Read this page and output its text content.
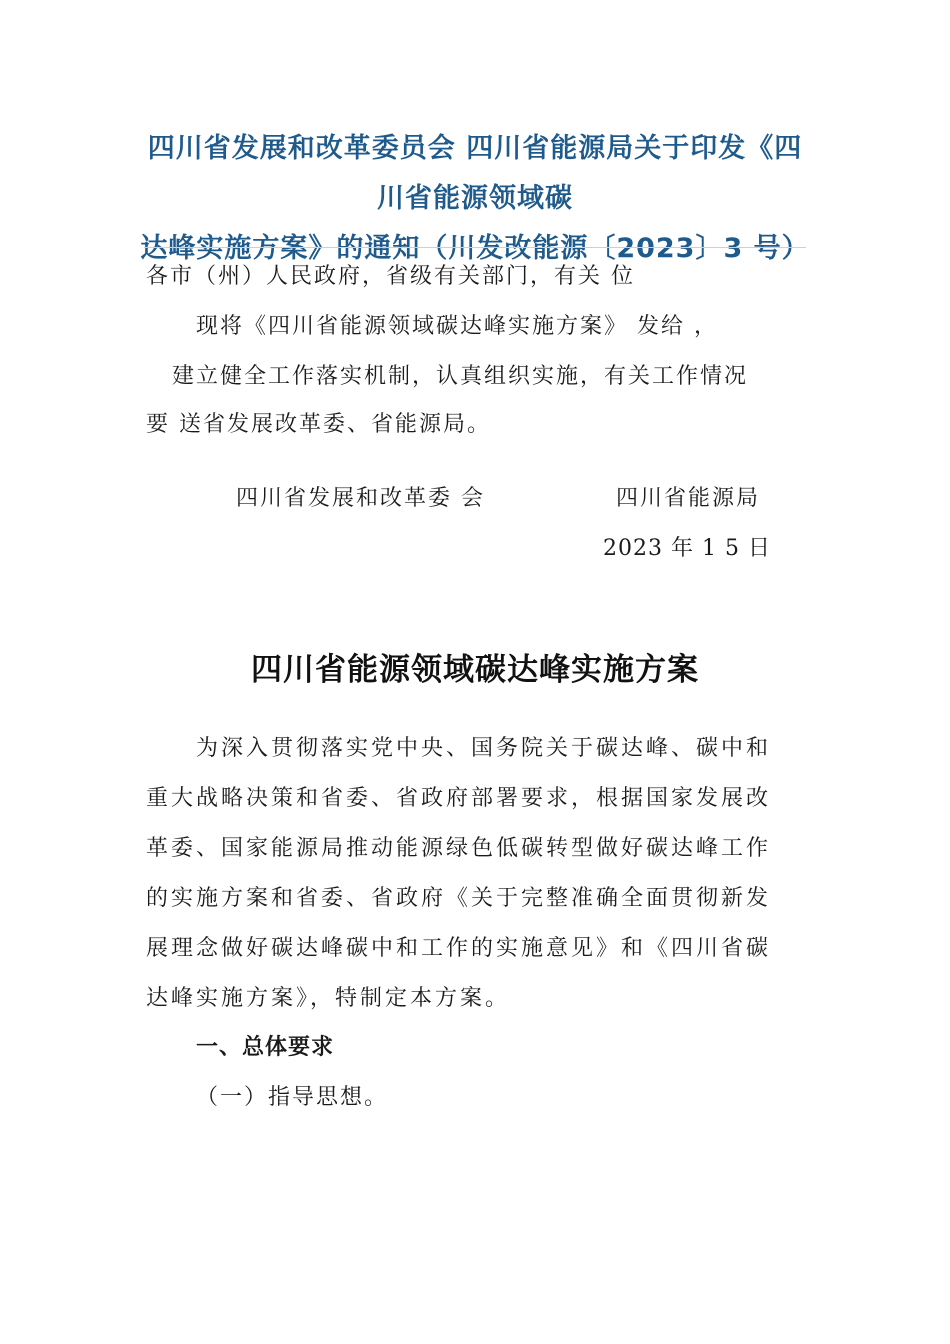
四川省发展和改革委员会 四川省能源局关于印发《四川省能源领域碳
达峰实施方案》的通知（川发改能源〔2023〕3 号）
各市（州）人民政府，省级有关部门，有关 位
现将《四川省能源领域碳达峰实施方案》 发给 ，
建立健全工作落实机制，认真组织实施，有关工作情况
要 送省发展改革委、省能源局。
四川省发展和改革委 会	四川省能源局
2023 年 1 5 日
四川省能源领域碳达峰实施方案
为深入贯彻落实党中央、国务院关于碳达峰、碳中和
重大战略决策和省委、省政府部署要求，根据国家发展改
革委、国家能源局推动能源绿色低碳转型做好碳达峰工作
的实施方案和省委、省政府《关于完整准确全面贯彻新发
展理念做好碳达峰碳中和工作的实施意见》和《四川省碳
达峰实施方案》，特制定本方案。
一、总体要求
（一）指导思想。
